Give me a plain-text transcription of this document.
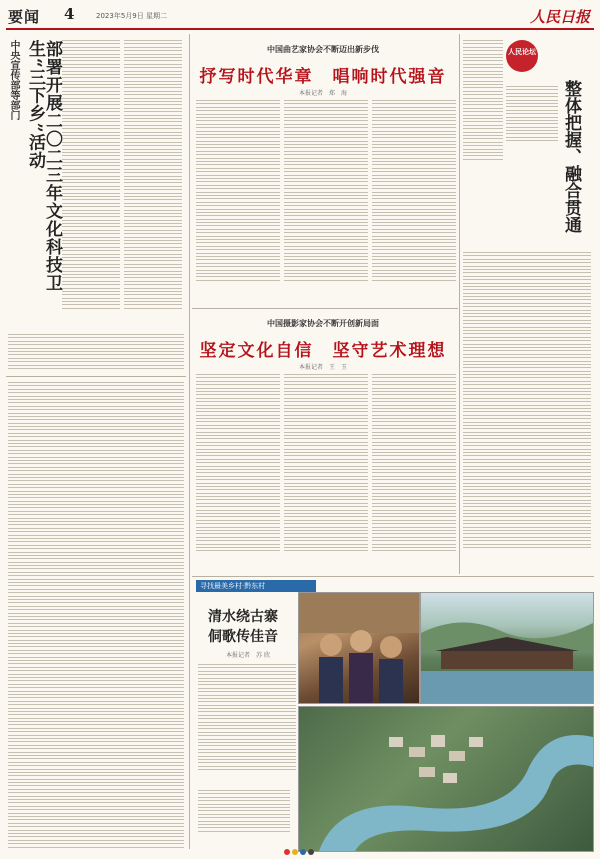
要闻 4	2023年5月9日 星期二	人民日报
中央宣传部等部门	部署开展二〇二三年文化科技卫生“三下乡”活动	中国曲艺家协会不断迈出新步伐
抒写时代华章　唱响时代强音
本报记者　郑　海
中国摄影家协会不断开创新局面
坚定文化自信　坚守艺术理想
本报记者　王　玉
人民论坛
整体把握、融合贯通
寻找最美乡村·黔东村
清水绕古寨
侗歌传佳音
本报记者　苏 欣
